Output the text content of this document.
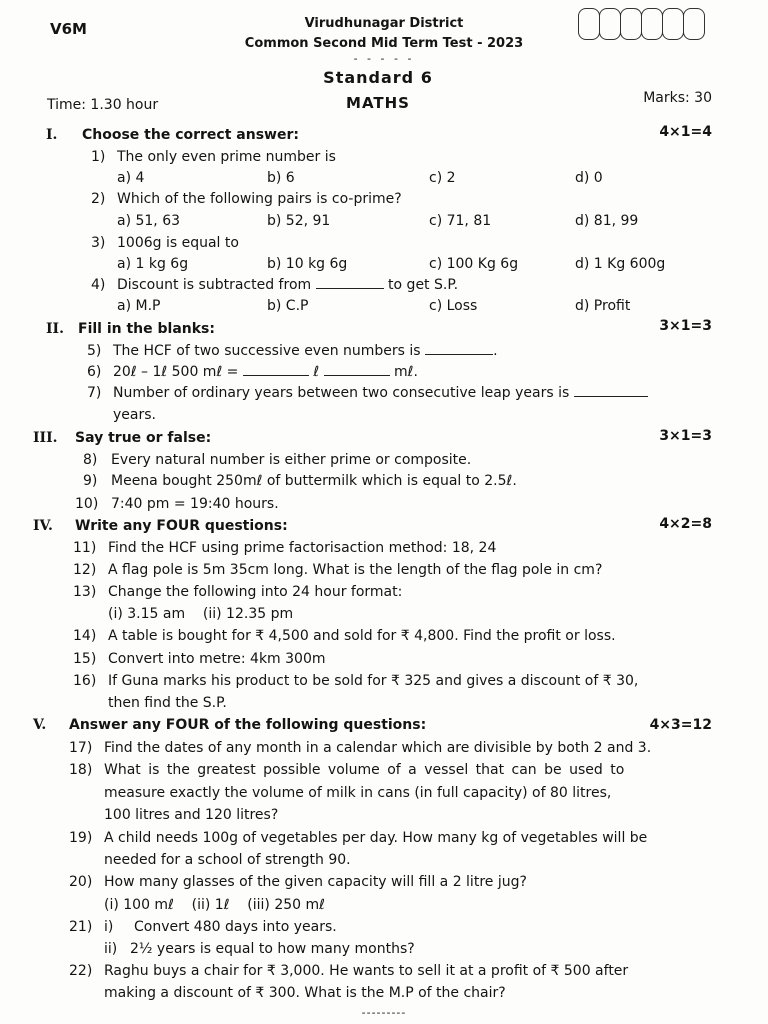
V6M	Virudhunagar District
Common Second Mid Term Test - 2023
- - - - -
Standard 6
Time: 1.30 hour	MATHS	Marks: 30
I.	Choose the correct answer:	4×1=4
1) The only even prime number is
a) 4	b) 6	c) 2	d) 0
2) Which of the following pairs is co-prime?
a) 51, 63	b) 52, 91	c) 71, 81	d) 81, 99
3) 1006g is equal to
a) 1 kg 6g	b) 10 kg 6g	c) 100 Kg 6g	d) 1 Kg 600g
4) Discount is subtracted from	to get S.P.
a) M.P	b) C.P	c) Loss	d) Profit
II.	Fill in the blanks:	3×1=3
5) The HCF of two successive even numbers is	.
6) 20ℓ – 1ℓ 500 mℓ =	ℓ	mℓ.
7) Number of ordinary years between two consecutive leap years is
years.
III.	Say true or false:	3×1=3
8) Every natural number is either prime or composite.
9) Meena bought 250mℓ of buttermilk which is equal to 2.5ℓ.
10) 7:40 pm = 19:40 hours.
IV.	Write any FOUR questions:	4×2=8
11) Find the HCF using prime factorisaction method: 18, 24
12) A flag pole is 5m 35cm long. What is the length of the flag pole in cm?
13) Change the following into 24 hour format:
(i) 3.15 am    (ii) 12.35 pm
14) A table is bought for ₹ 4,500 and sold for ₹ 4,800. Find the profit or loss.
15) Convert into metre: 4km 300m
16) If Guna marks his product to be sold for ₹ 325 and gives a discount of ₹ 30,
then find the S.P.
V.	Answer any FOUR of the following questions:	4×3=12
17) Find the dates of any month in a calendar which are divisible by both 2 and 3.
18) What is the greatest possible volume of a vessel that can be used to
measure exactly the volume of milk in cans (in full capacity) of 80 litres,
100 litres and 120 litres?
19) A child needs 100g of vegetables per day. How many kg of vegetables will be
needed for a school of strength 90.
20) How many glasses of the given capacity will fill a 2 litre jug?
(i) 100 mℓ    (ii) 1ℓ    (iii) 250 mℓ
21) i) Convert 480 days into years.
ii) 2½ years is equal to how many months?
22) Raghu buys a chair for ₹ 3,000. He wants to sell it at a profit of ₹ 500 after
making a discount of ₹ 300. What is the M.P of the chair?
---------
